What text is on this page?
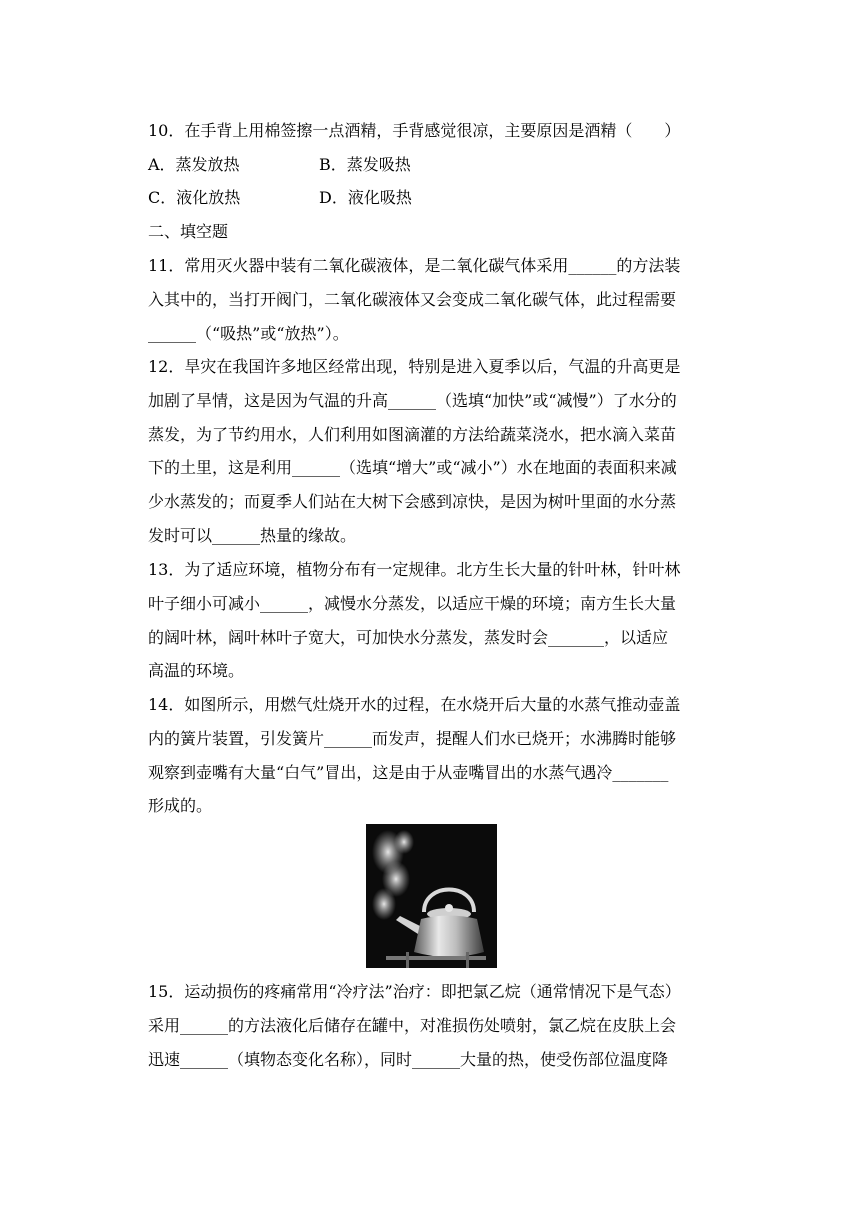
10．在手背上用棉签擦一点酒精，手背感觉很凉，主要原因是酒精（　　）
A．蒸发放热	B．蒸发吸热
C．液化放热	D．液化吸热
二、填空题
11．常用灭火器中装有二氧化碳液体，是二氧化碳气体采用______的方法装
入其中的，当打开阀门，二氧化碳液体又会变成二氧化碳气体，此过程需要
______（“吸热”或“放热”）。
12．旱灾在我国许多地区经常出现，特别是进入夏季以后，气温的升高更是
加剧了旱情，这是因为气温的升高______（选填“加快”或“减慢”）了水分的
蒸发，为了节约用水，人们利用如图滴灌的方法给蔬菜浇水，把水滴入菜苗
下的土里，这是利用______（选填“增大”或“减小”）水在地面的表面积来减
少水蒸发的；而夏季人们站在大树下会感到凉快，是因为树叶里面的水分蒸
发时可以______热量的缘故。
13．为了适应环境，植物分布有一定规律。北方生长大量的针叶林，针叶林
叶子细小可减小______，减慢水分蒸发，以适应干燥的环境；南方生长大量
的阔叶林，阔叶林叶子宽大，可加快水分蒸发，蒸发时会_______，以适应
高温的环境。
14．如图所示，用燃气灶烧开水的过程，在水烧开后大量的水蒸气推动壶盖
内的簧片装置，引发簧片______而发声，提醒人们水已烧开；水沸腾时能够
观察到壶嘴有大量“白气”冒出，这是由于从壶嘴冒出的水蒸气遇冷_______
形成的。
15．运动损伤的疼痛常用“冷疗法”治疗：即把氯乙烷（通常情况下是气态）
采用______的方法液化后储存在罐中，对准损伤处喷射，氯乙烷在皮肤上会
迅速______（填物态变化名称），同时______大量的热，使受伤部位温度降
